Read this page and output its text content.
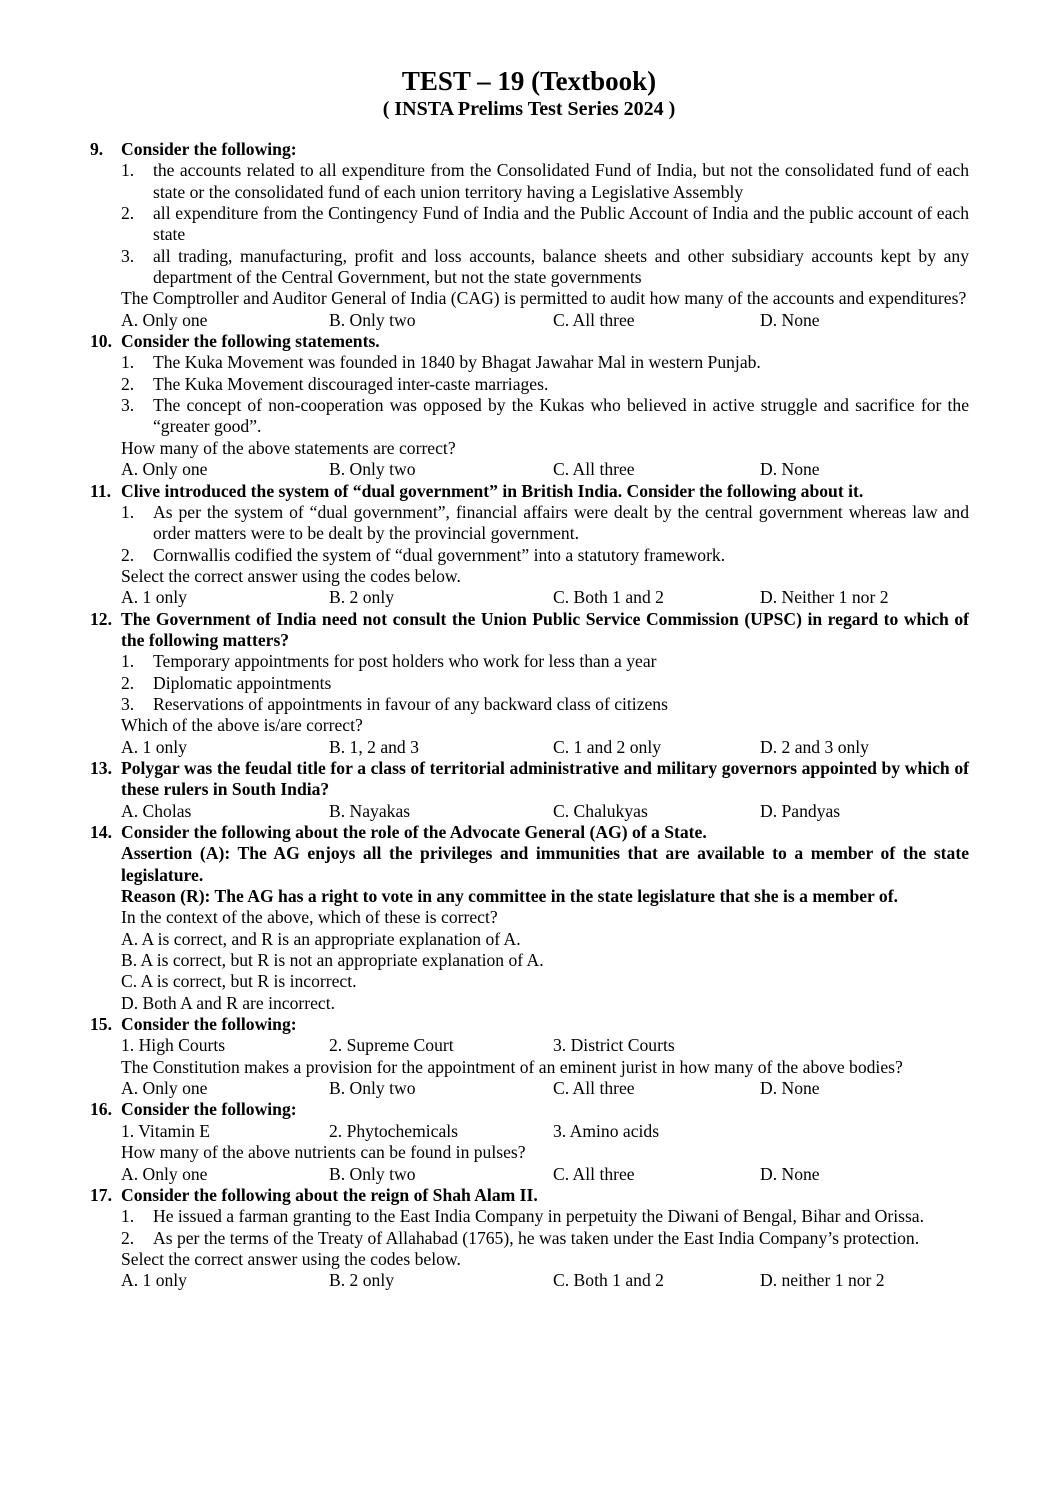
TEST – 19 (Textbook)
( INSTA Prelims Test Series 2024 )
9. Consider the following:
1. the accounts related to all expenditure from the Consolidated Fund of India, but not the consolidated fund of each state or the consolidated fund of each union territory having a Legislative Assembly
2. all expenditure from the Contingency Fund of India and the Public Account of India and the public account of each state
3. all trading, manufacturing, profit and loss accounts, balance sheets and other subsidiary accounts kept by any department of the Central Government, but not the state governments
The Comptroller and Auditor General of India (CAG) is permitted to audit how many of the accounts and expenditures?
A. Only one	B. Only two	C. All three	D. None
10. Consider the following statements.
1. The Kuka Movement was founded in 1840 by Bhagat Jawahar Mal in western Punjab.
2. The Kuka Movement discouraged inter-caste marriages.
3. The concept of non-cooperation was opposed by the Kukas who believed in active struggle and sacrifice for the “greater good”.
How many of the above statements are correct?
A. Only one	B. Only two	C. All three	D. None
11. Clive introduced the system of “dual government” in British India. Consider the following about it.
1. As per the system of “dual government”, financial affairs were dealt by the central government whereas law and order matters were to be dealt by the provincial government.
2. Cornwallis codified the system of “dual government” into a statutory framework.
Select the correct answer using the codes below.
A. 1 only	B. 2 only	C. Both 1 and 2	D. Neither 1 nor 2
12. The Government of India need not consult the Union Public Service Commission (UPSC) in regard to which of the following matters?
1. Temporary appointments for post holders who work for less than a year
2. Diplomatic appointments
3. Reservations of appointments in favour of any backward class of citizens
Which of the above is/are correct?
A. 1 only	B. 1, 2 and 3	C. 1 and 2 only	D. 2 and 3 only
13. Polygar was the feudal title for a class of territorial administrative and military governors appointed by which of these rulers in South India?
A. Cholas	B. Nayakas	C. Chalukyas	D. Pandyas
14. Consider the following about the role of the Advocate General (AG) of a State.
Assertion (A): The AG enjoys all the privileges and immunities that are available to a member of the state legislature.
Reason (R): The AG has a right to vote in any committee in the state legislature that she is a member of.
In the context of the above, which of these is correct?
A. A is correct, and R is an appropriate explanation of A.
B. A is correct, but R is not an appropriate explanation of A.
C. A is correct, but R is incorrect.
D. Both A and R are incorrect.
15. Consider the following:
1. High Courts	2. Supreme Court	3. District Courts
The Constitution makes a provision for the appointment of an eminent jurist in how many of the above bodies?
A. Only one	B. Only two	C. All three	D. None
16. Consider the following:
1. Vitamin E	2. Phytochemicals	3. Amino acids
How many of the above nutrients can be found in pulses?
A. Only one	B. Only two	C. All three	D. None
17. Consider the following about the reign of Shah Alam II.
1. He issued a farman granting to the East India Company in perpetuity the Diwani of Bengal, Bihar and Orissa.
2. As per the terms of the Treaty of Allahabad (1765), he was taken under the East India Company’s protection.
Select the correct answer using the codes below.
A. 1 only	B. 2 only	C. Both 1 and 2	D. neither 1 nor 2
